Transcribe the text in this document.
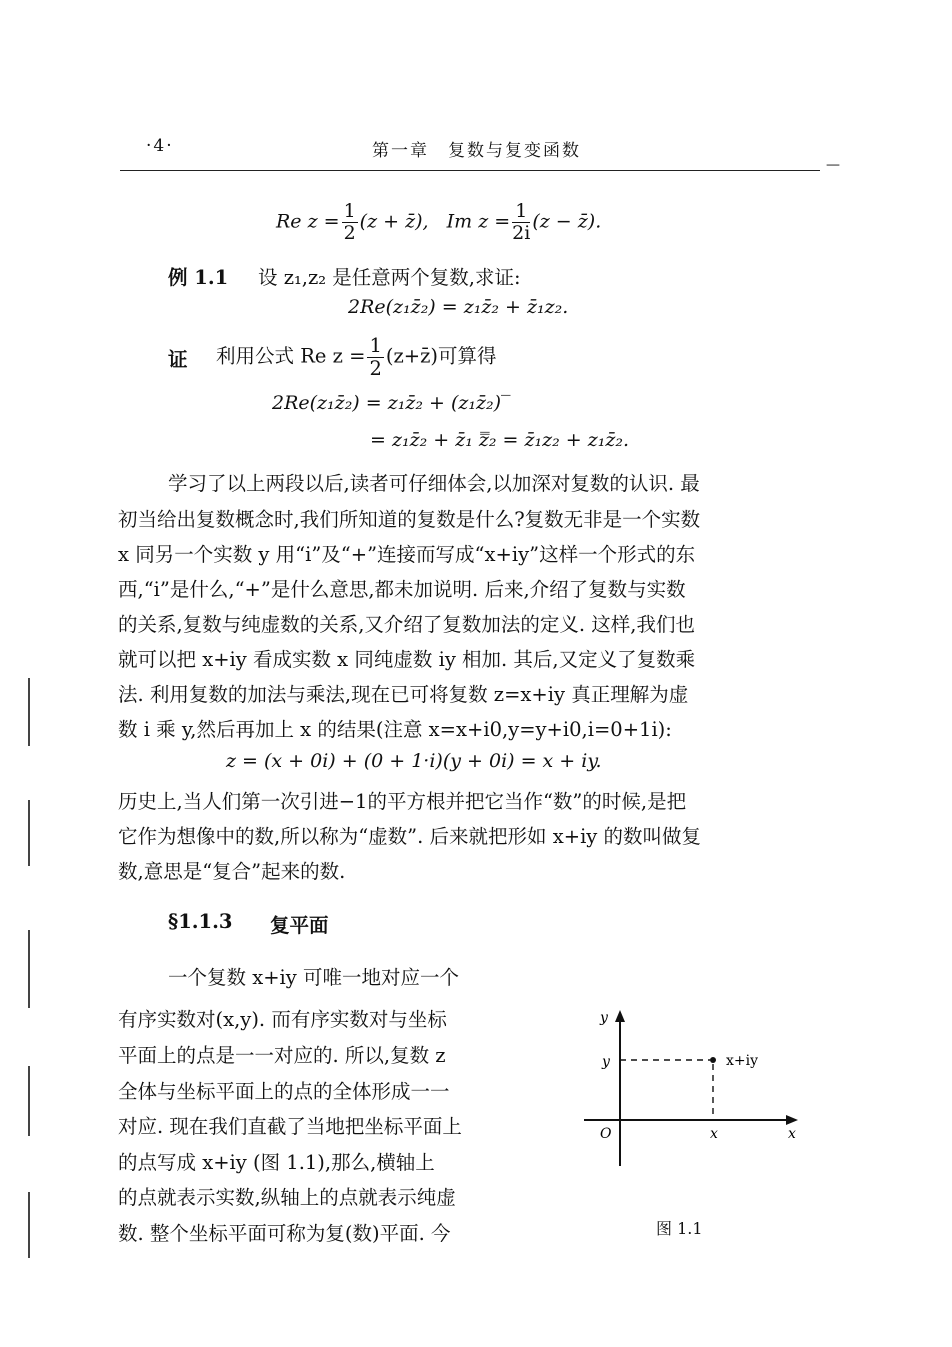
·4·	第一章　复数与复变函数
—
Re $z = \frac{1}{2} (z$ + z̄), Im $z = \frac{1}{2i} (z$ − z̄).
例 1.1 设 z₁,z₂ 是任意两个复数,求证:
2Re(z₁z̄₂) = z₁z̄₂ + z̄₁z₂.
证 利用公式 Re $z = \frac{1}{2}$ (z+z̄)可算得
2Re(z₁z̄₂) = z₁z̄₂ + (z₁z̄₂)‾
= z₁z̄₂ + z̄₁ z̿₂ = z̄₁z₂ + z₁z̄₂.
学习了以上两段以后,读者可仔细体会,以加深对复数的认识. 最
初当给出复数概念时,我们所知道的复数是什么?复数无非是一个实数
x 同另一个实数 y 用“i”及“+”连接而写成“x+iy”这样一个形式的东
西,“i”是什么,“+”是什么意思,都未加说明. 后来,介绍了复数与实数
的关系,复数与纯虚数的关系,又介绍了复数加法的定义. 这样,我们也
就可以把 x+iy 看成实数 x 同纯虚数 iy 相加. 其后,又定义了复数乘
法. 利用复数的加法与乘法,现在已可将复数 z=x+iy 真正理解为虚
数 i 乘 y,然后再加上 x 的结果(注意 x=x+i0,y=y+i0,i=0+1i):
z = (x + 0i) + (0 + 1·i)(y + 0i) = x + iy.
历史上,当人们第一次引进−1的平方根并把它当作“数”的时候,是把
它作为想像中的数,所以称为“虚数”. 后来就把形如 x+iy 的数叫做复
数,意思是“复合”起来的数.
§1.1.3 复平面
一个复数 x+iy 可唯一地对应一个
有序实数对(x,y). 而有序实数对与坐标
平面上的点是一一对应的. 所以,复数 z
全体与坐标平面上的点的全体形成一一
对应. 现在我们直截了当地把坐标平面上
的点写成 x+iy (图 1.1),那么,横轴上
的点就表示实数,纵轴上的点就表示纯虚
数. 整个坐标平面可称为复(数)平面. 今
y
y	x+iy
O	x	x
图 1.1
